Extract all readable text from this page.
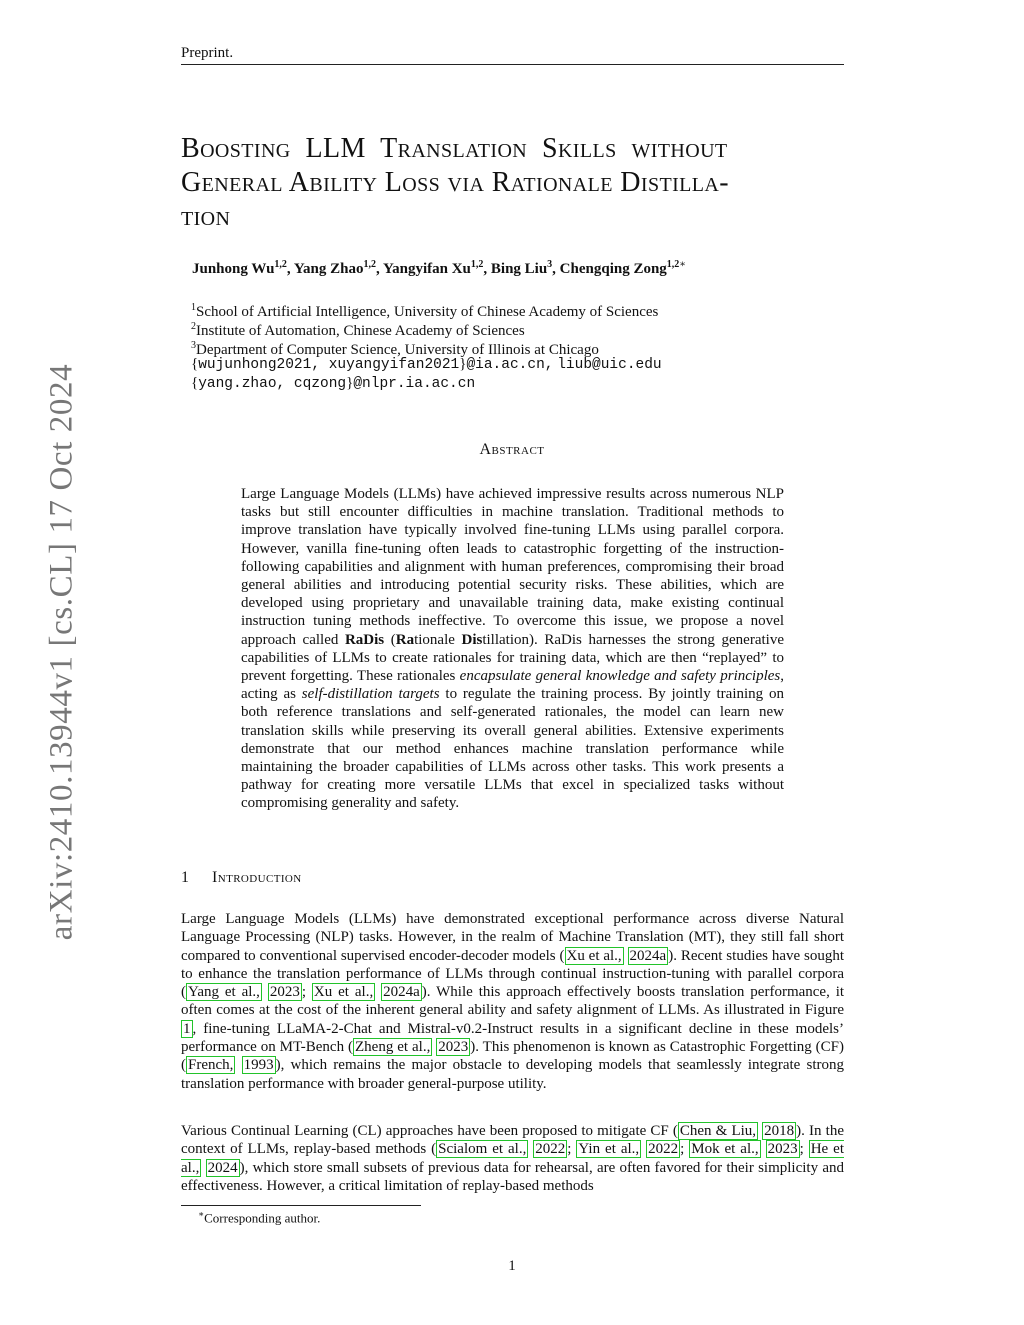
Preprint.
Boosting LLM Translation Skills without
General Ability Loss via Rationale Distilla-
tion
Junhong Wu$^{1,2}$, Yang Zhao$^{1,2}$, Yangyifan Xu$^{1,2}$, Bing Liu$^3$, Chengqing Zong$^{1,2∗}$
$^1$School of Artificial Intelligence, University of Chinese Academy of Sciences
$^2$Institute of Automation, Chinese Academy of Sciences
$^3$Department of Computer Science, University of Illinois at Chicago
{wujunhong2021, xuyangyifan2021}@ia.ac.cn, liub@uic.edu
{yang.zhao, cqzong}@nlpr.ia.ac.cn
Abstract
Large Language Models (LLMs) have achieved impressive results across numerous NLP tasks but still encounter difficulties in machine translation. Traditional methods to improve translation have typically involved fine-tuning LLMs using parallel corpora. However, vanilla fine-tuning often leads to catastrophic forgetting of the instruction-following capabilities and alignment with human preferences, compromising their broad general abilities and introducing potential security risks. These abilities, which are developed using proprietary and unavailable training data, make existing continual instruction tuning methods ineffective. To overcome this issue, we propose a novel approach called RaDis (Rationale Distillation). RaDis harnesses the strong generative capabilities of LLMs to create rationales for training data, which are then “replayed” to prevent forgetting. These rationales encapsulate general knowledge and safety principles, acting as self-distillation targets to regulate the training process. By jointly training on both reference translations and self-generated rationales, the model can learn new translation skills while preserving its overall general abilities. Extensive experiments demonstrate that our method enhances machine translation performance while maintaining the broader capabilities of LLMs across other tasks. This work presents a pathway for creating more versatile LLMs that excel in specialized tasks without compromising generality and safety.
1 Introduction
Large Language Models (LLMs) have demonstrated exceptional performance across diverse Natural Language Processing (NLP) tasks. However, in the realm of Machine Translation (MT), they still fall short compared to conventional supervised encoder-decoder models ( Xu et al., 2024a ). Recent studies have sought to enhance the translation performance of LLMs through continual instruction-tuning with parallel corpora ( Yang et al., 2023 ; Xu et al., 2024a ). While this approach effectively boosts translation performance, it often comes at the cost of the inherent general ability and safety alignment of LLMs. As illustrated in Figure 1 , fine-tuning LLaMA-2-Chat and Mistral-v0.2-Instruct results in a significant decline in these models’ performance on MT-Bench ( Zheng et al., 2023 ). This phenomenon is known as Catastrophic Forgetting (CF) ( French, 1993 ), which remains the major obstacle to developing models that seamlessly integrate strong translation performance with broader general-purpose utility.
Various Continual Learning (CL) approaches have been proposed to mitigate CF ( Chen & Liu, 2018 ). In the context of LLMs, replay-based methods ( Scialom et al., 2022 ; Yin et al., 2022 ; Mok et al., 2023 ; He et al., 2024 ), which store small subsets of previous data for rehearsal, are often favored for their simplicity and effectiveness. However, a critical limitation of replay-based methods
∗Corresponding author.
1
arXiv:2410.13944v1 [cs.CL] 17 Oct 2024
